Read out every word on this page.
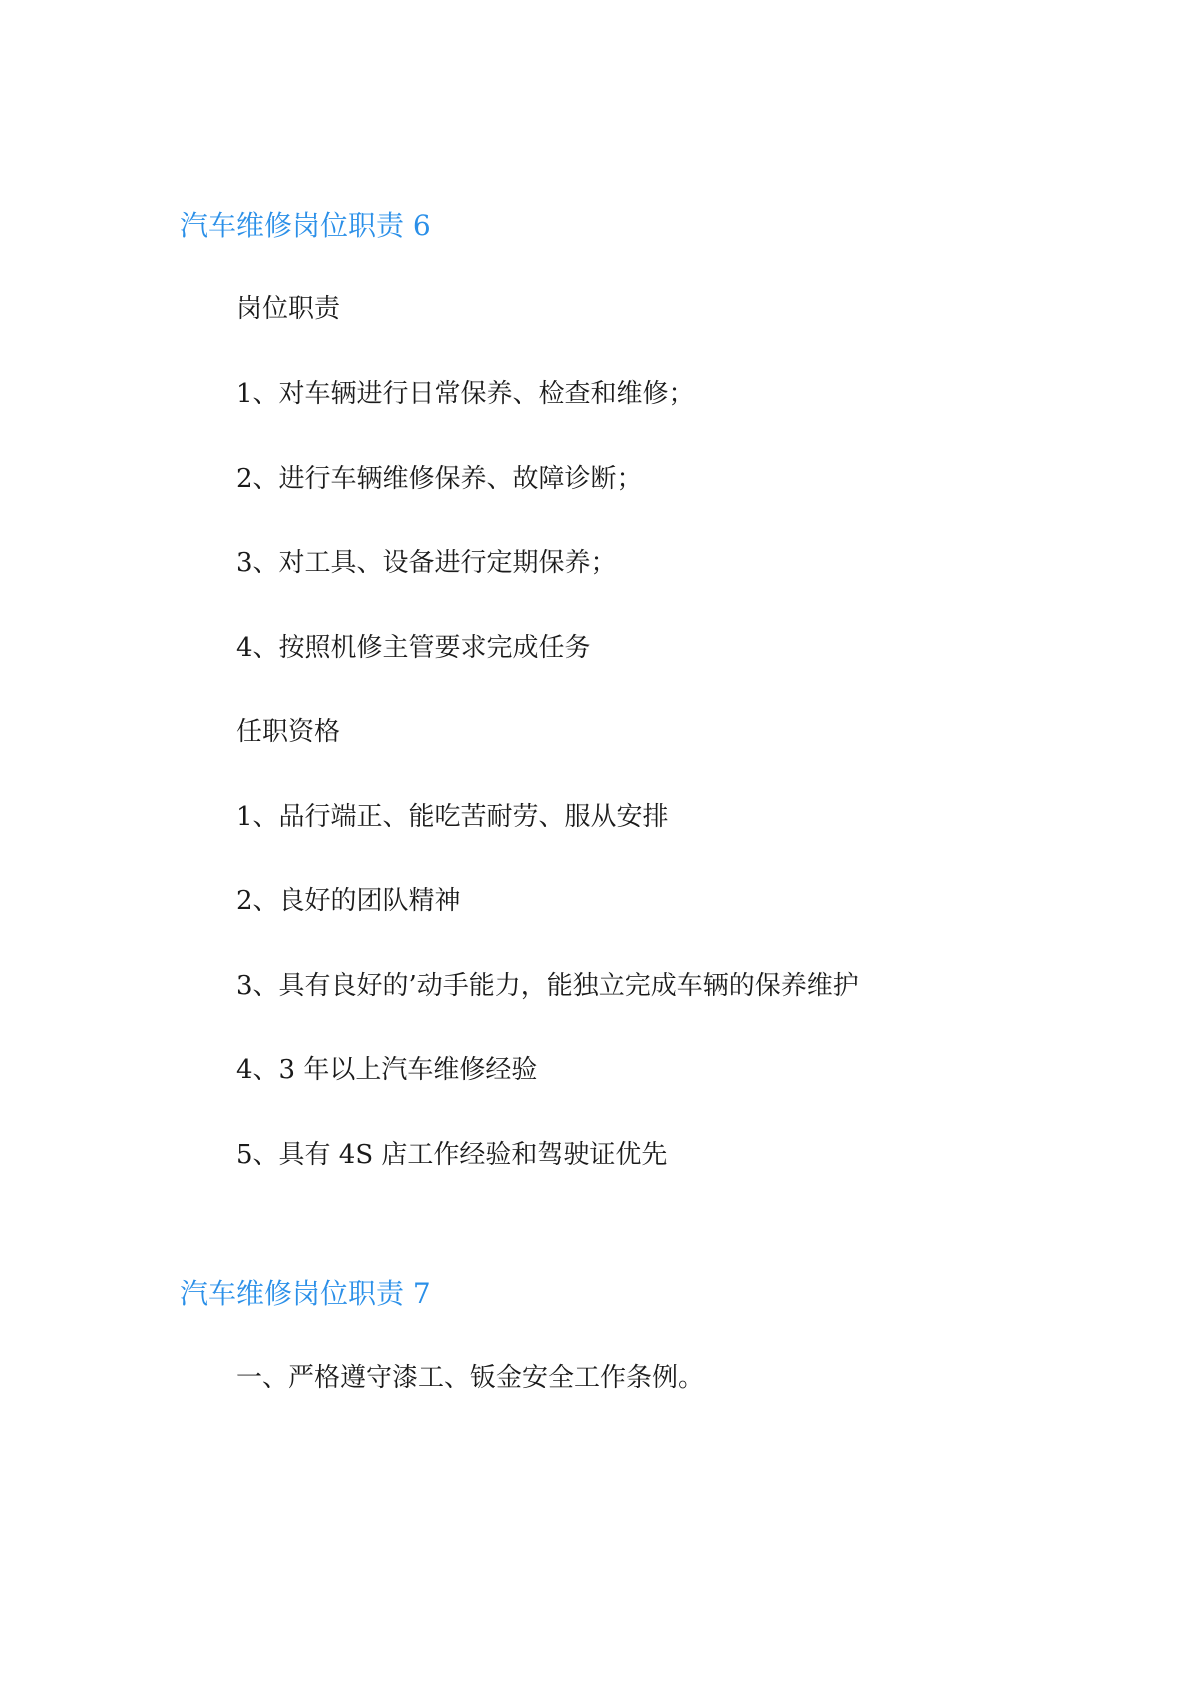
汽车维修岗位职责 6

岗位职责

1、对车辆进行日常保养、检查和维修；

2、进行车辆维修保养、故障诊断；

3、对工具、设备进行定期保养；

4、按照机修主管要求完成任务

任职资格

1、品行端正、能吃苦耐劳、服从安排

2、良好的团队精神

3、具有良好的’动手能力，能独立完成车辆的保养维护

4、3 年以上汽车维修经验

5、具有 4S 店工作经验和驾驶证优先

汽车维修岗位职责 7

一、严格遵守漆工、钣金安全工作条例。
